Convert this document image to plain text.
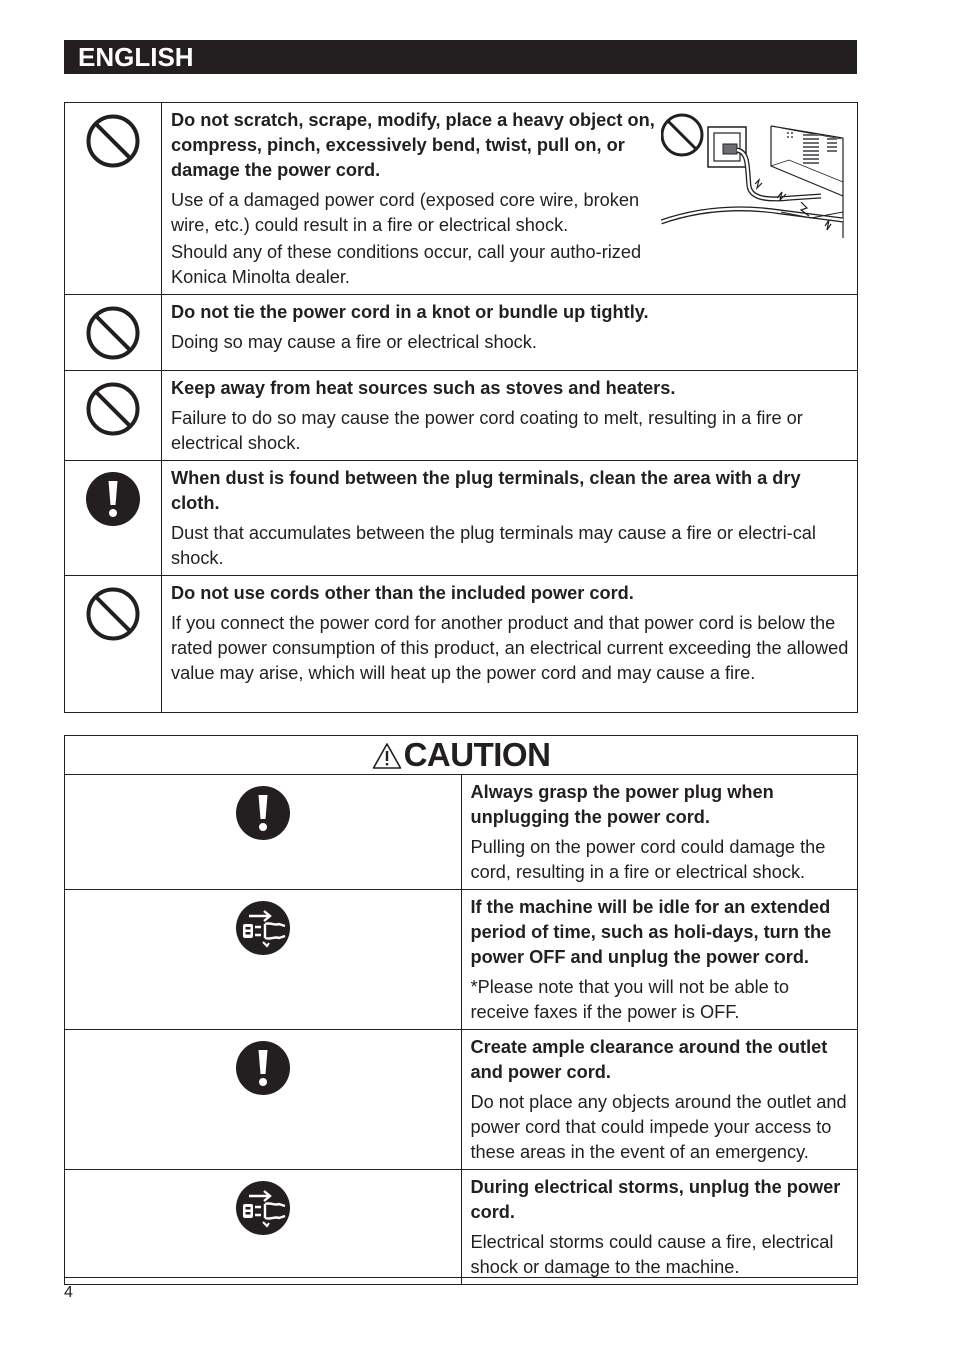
ENGLISH

Do not scratch, scrape, modify, place a heavy object on, compress, pinch, excessively bend, twist, pull on, or damage the power cord.

Use of a damaged power cord (exposed core wire, broken wire, etc.) could result in a fire or electrical shock.

Should any of these conditions occur, call your autho-rized Konica Minolta dealer.

Do not tie the power cord in a knot or bundle up tightly.

Doing so may cause a fire or electrical shock.

Keep away from heat sources such as stoves and heaters.

Failure to do so may cause the power cord coating to melt, resulting in a fire or electrical shock.

When dust is found between the plug terminals, clean the area with a dry cloth.

Dust that accumulates between the plug terminals may cause a fire or electri-cal shock.

Do not use cords other than the included power cord.

If you connect the power cord for another product and that power cord is below the rated power consumption of this product, an electrical current exceeding the allowed value may arise, which will heat up the power cord and may cause a fire.

CAUTION	

Always grasp the power plug when unplugging the power cord.

Pulling on the power cord could damage the cord, resulting in a fire or electrical shock.

If the machine will be idle for an extended period of time, such as holi-days, turn the power OFF and unplug the power cord.

*Please note that you will not be able to receive faxes if the power is OFF.

Create ample clearance around the outlet and power cord.

Do not place any objects around the outlet and power cord that could impede your access to these areas in the event of an emergency.

During electrical storms, unplug the power cord.

Electrical storms could cause a fire, electrical shock or damage to the machine.

4
